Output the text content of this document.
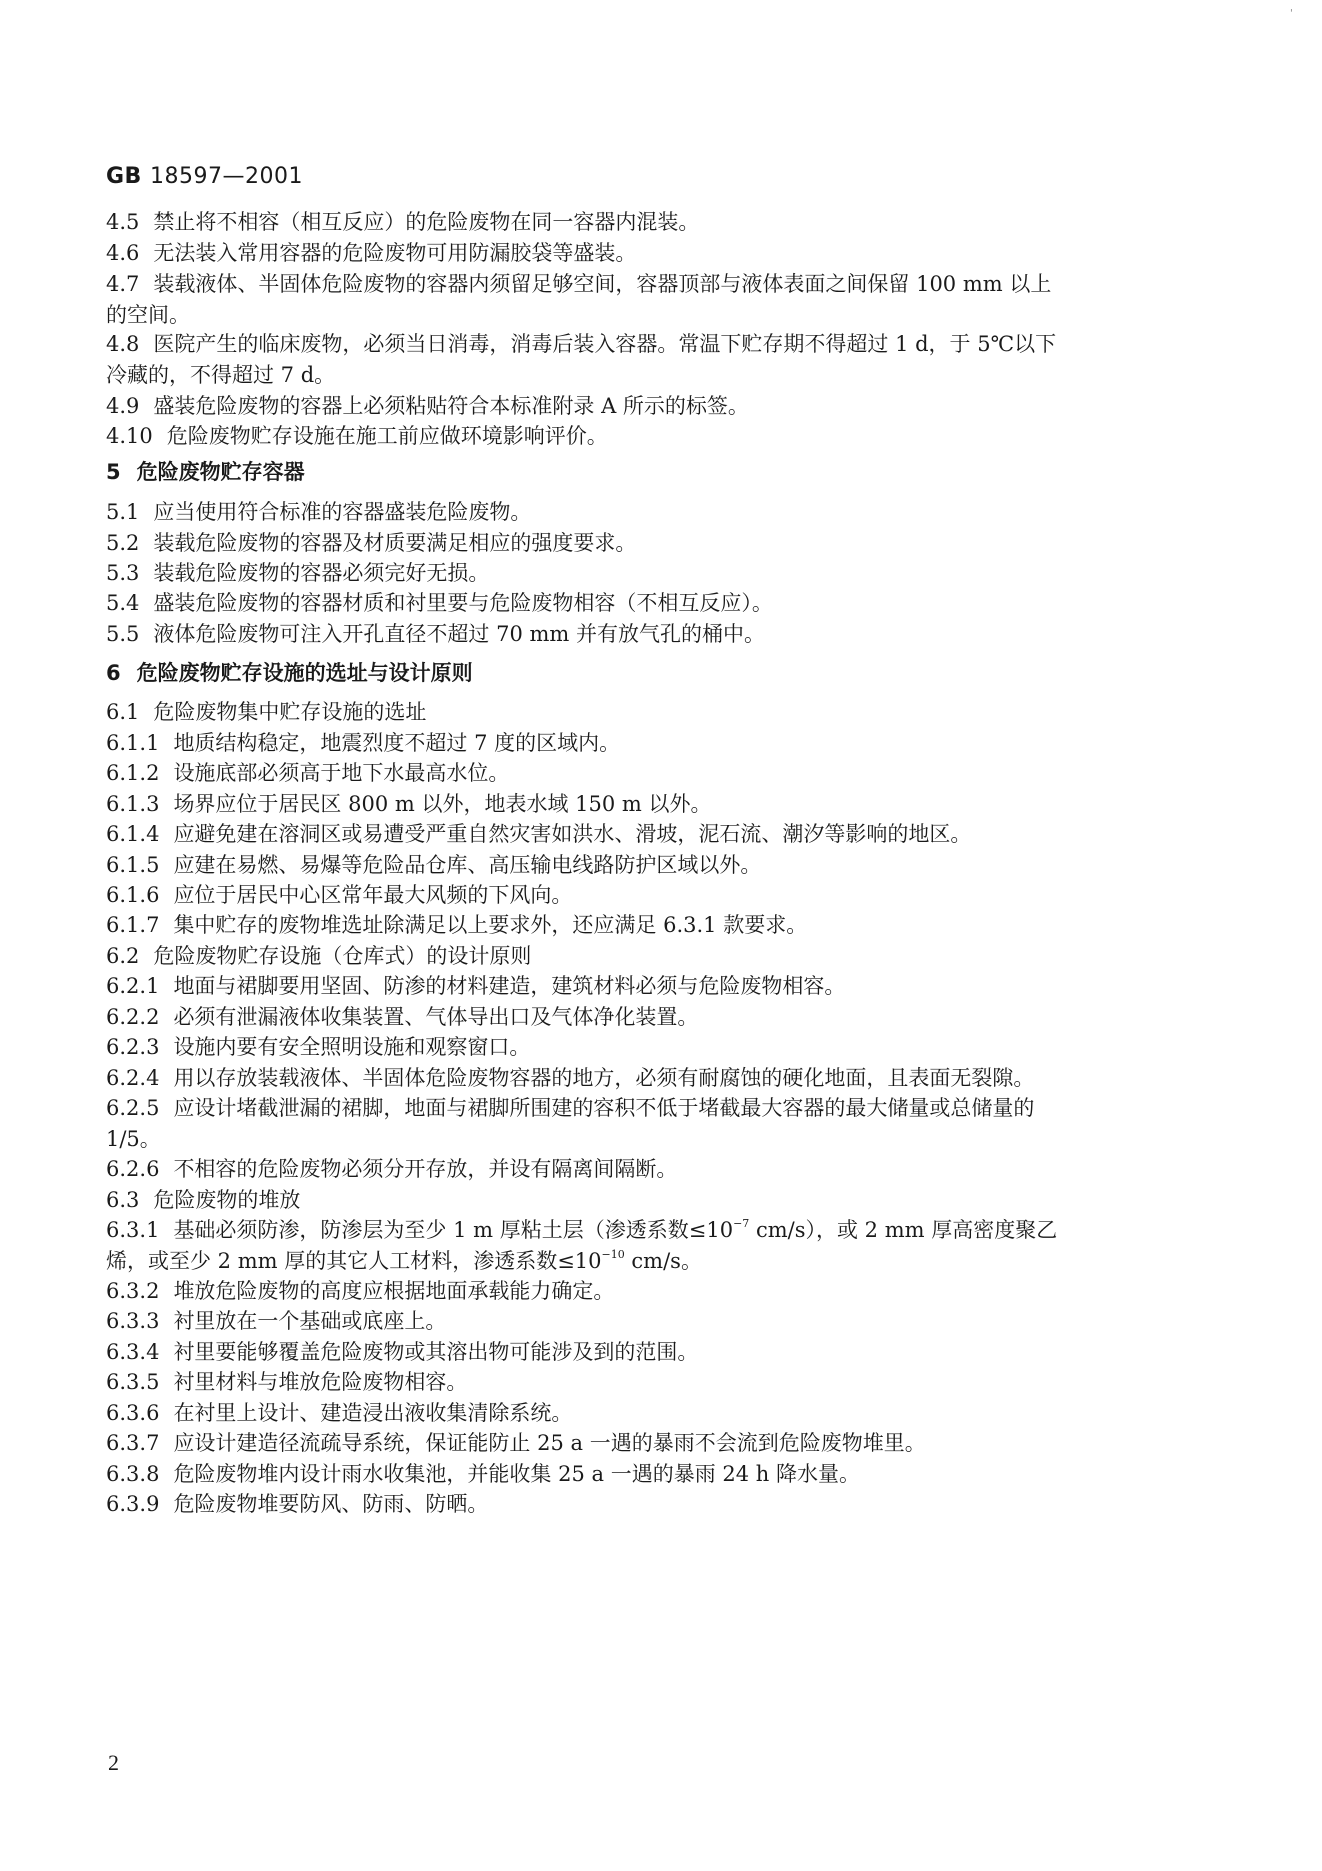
'
GB 18597—2001
4.5 禁止将不相容（相互反应）的危险废物在同一容器内混装。
4.6 无法装入常用容器的危险废物可用防漏胶袋等盛装。
4.7 装载液体、半固体危险废物的容器内须留足够空间，容器顶部与液体表面之间保留 100 mm 以上
的空间。
4.8 医院产生的临床废物，必须当日消毒，消毒后装入容器。常温下贮存期不得超过 1 d，于 5℃以下
冷藏的，不得超过 7 d。
4.9 盛装危险废物的容器上必须粘贴符合本标准附录 A 所示的标签。
4.10 危险废物贮存设施在施工前应做环境影响评价。
5 危险废物贮存容器
5.1 应当使用符合标准的容器盛装危险废物。
5.2 装载危险废物的容器及材质要满足相应的强度要求。
5.3 装载危险废物的容器必须完好无损。
5.4 盛装危险废物的容器材质和衬里要与危险废物相容（不相互反应）。
5.5 液体危险废物可注入开孔直径不超过 70 mm 并有放气孔的桶中。
6 危险废物贮存设施的选址与设计原则
6.1 危险废物集中贮存设施的选址
6.1.1 地质结构稳定，地震烈度不超过 7 度的区域内。
6.1.2 设施底部必须高于地下水最高水位。
6.1.3 场界应位于居民区 800 m 以外，地表水域 150 m 以外。
6.1.4 应避免建在溶洞区或易遭受严重自然灾害如洪水、滑坡，泥石流、潮汐等影响的地区。
6.1.5 应建在易燃、易爆等危险品仓库、高压输电线路防护区域以外。
6.1.6 应位于居民中心区常年最大风频的下风向。
6.1.7 集中贮存的废物堆选址除满足以上要求外，还应满足 6.3.1 款要求。
6.2 危险废物贮存设施（仓库式）的设计原则
6.2.1 地面与裙脚要用坚固、防渗的材料建造，建筑材料必须与危险废物相容。
6.2.2 必须有泄漏液体收集装置、气体导出口及气体净化装置。
6.2.3 设施内要有安全照明设施和观察窗口。
6.2.4 用以存放装载液体、半固体危险废物容器的地方，必须有耐腐蚀的硬化地面，且表面无裂隙。
6.2.5 应设计堵截泄漏的裙脚，地面与裙脚所围建的容积不低于堵截最大容器的最大储量或总储量的
1/5。
6.2.6 不相容的危险废物必须分开存放，并设有隔离间隔断。
6.3 危险废物的堆放
6.3.1 基础必须防渗，防渗层为至少 1 m 厚粘土层（渗透系数$\le 10^{-7}$ cm/s），或 2 mm 厚高密度聚乙
烯，或至少 2 mm 厚的其它人工材料，渗透系数$\le 10^{-10}$ cm/s。
6.3.2 堆放危险废物的高度应根据地面承载能力确定。
6.3.3 衬里放在一个基础或底座上。
6.3.4 衬里要能够覆盖危险废物或其溶出物可能涉及到的范围。
6.3.5 衬里材料与堆放危险废物相容。
6.3.6 在衬里上设计、建造浸出液收集清除系统。
6.3.7 应设计建造径流疏导系统，保证能防止 25 a 一遇的暴雨不会流到危险废物堆里。
6.3.8 危险废物堆内设计雨水收集池，并能收集 25 a 一遇的暴雨 24 h 降水量。
6.3.9 危险废物堆要防风、防雨、防晒。
2
